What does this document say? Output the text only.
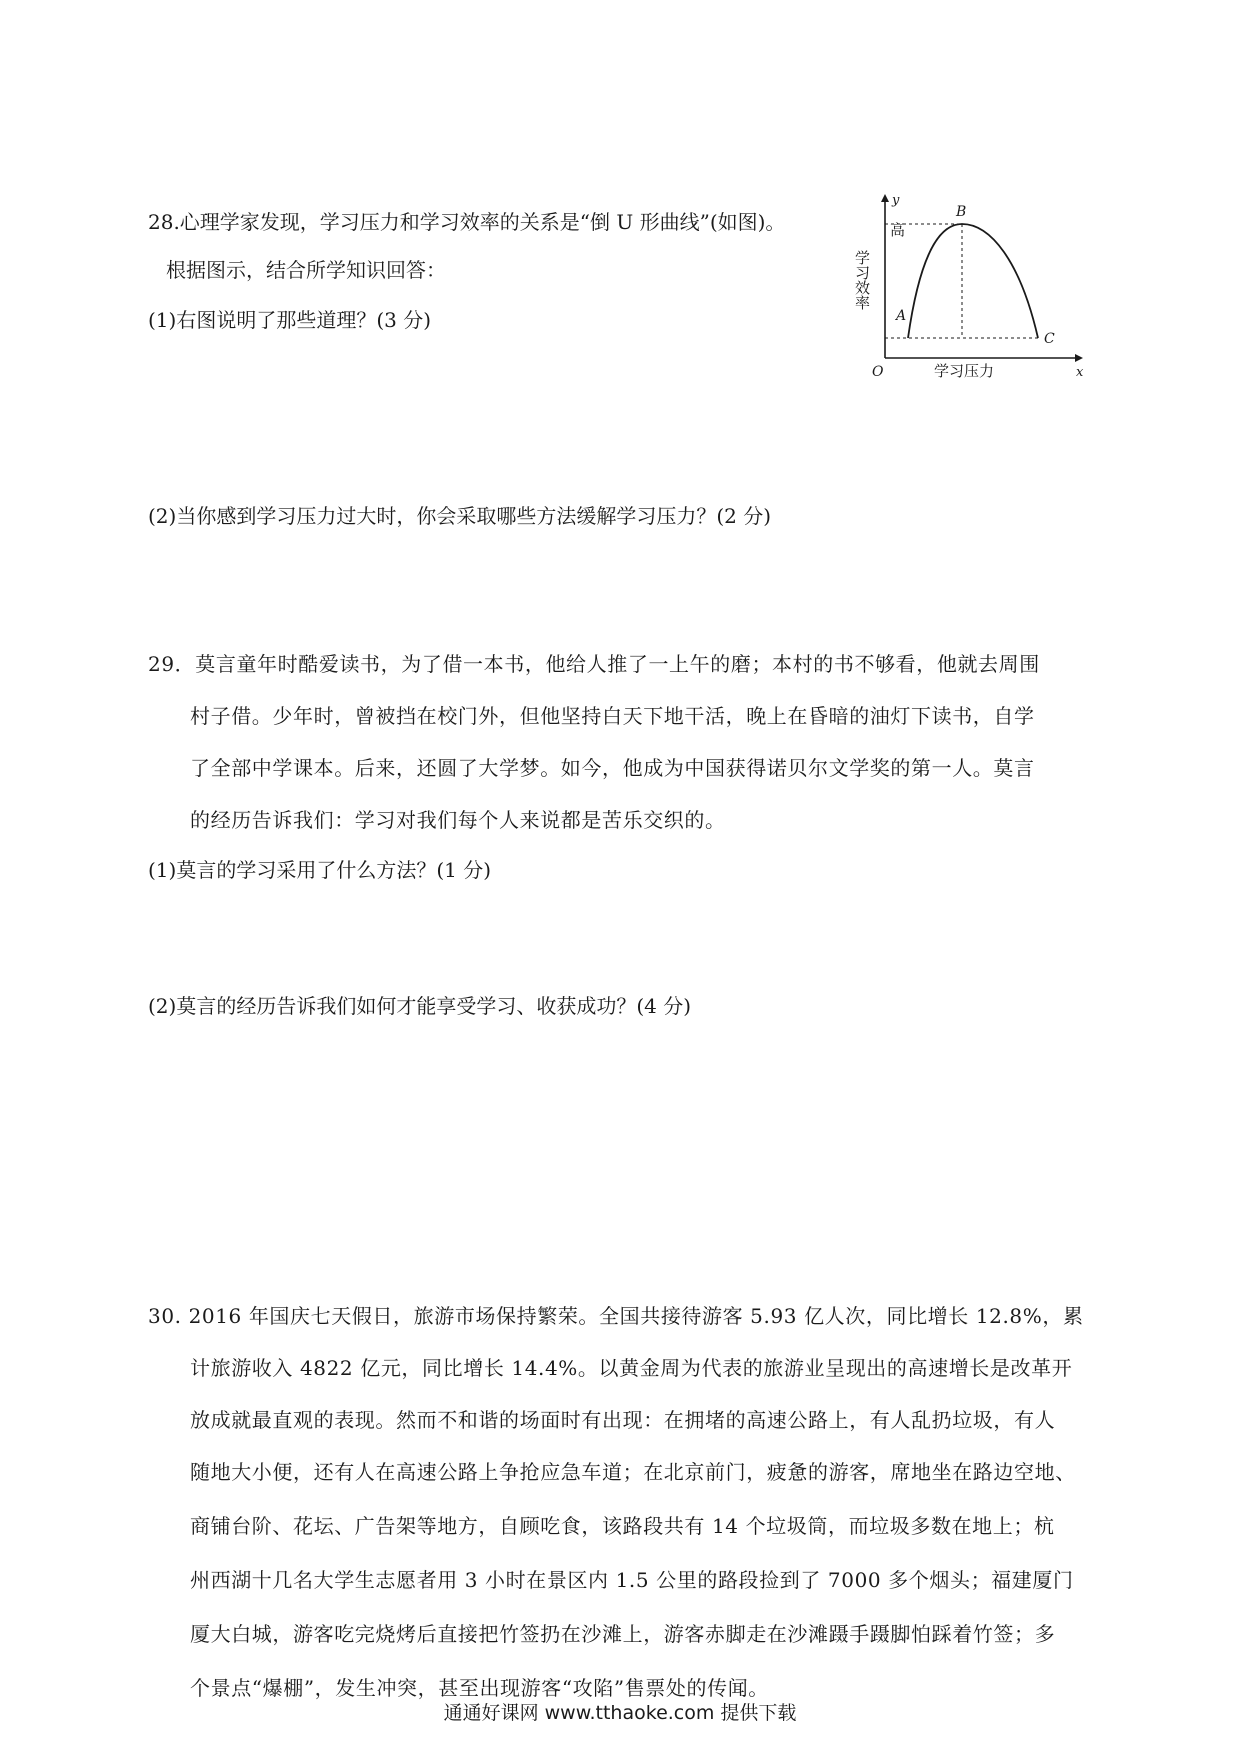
28.心理学家发现，学习压力和学习效率的关系是“倒 U 形曲线”(如图)。
根据图示，结合所学知识回答：
(1)右图说明了那些道理？(3 分)
(2)当你感到学习压力过大时，你会采取哪些方法缓解学习压力？(2 分)
y
x
O
高
B
A
C
学习压力
学习效率
29．莫言童年时酷爱读书，为了借一本书，他给人推了一上午的磨；本村的书不够看，他就去周围
村子借。少年时，曾被挡在校门外，但他坚持白天下地干活，晚上在昏暗的油灯下读书，自学
了全部中学课本。后来，还圆了大学梦。如今，他成为中国获得诺贝尔文学奖的第一人。莫言
的经历告诉我们：学习对我们每个人来说都是苦乐交织的。
(1)莫言的学习采用了什么方法？(1 分)
(2)莫言的经历告诉我们如何才能享受学习、收获成功？(4 分)
30. 2016 年国庆七天假日，旅游市场保持繁荣。全国共接待游客 5.93 亿人次，同比增长 12.8%，累
计旅游收入 4822 亿元，同比增长 14.4%。以黄金周为代表的旅游业呈现出的高速增长是改革开
放成就最直观的表现。然而不和谐的场面时有出现：在拥堵的高速公路上，有人乱扔垃圾，有人
随地大小便，还有人在高速公路上争抢应急车道；在北京前门，疲惫的游客，席地坐在路边空地、
商铺台阶、花坛、广告架等地方，自顾吃食，该路段共有 14 个垃圾筒，而垃圾多数在地上；杭
州西湖十几名大学生志愿者用 3 小时在景区内 1.5 公里的路段捡到了 7000 多个烟头；福建厦门
厦大白城，游客吃完烧烤后直接把竹签扔在沙滩上，游客赤脚走在沙滩蹑手蹑脚怕踩着竹签；多
个景点“爆棚”，发生冲突，甚至出现游客“攻陷”售票处的传闻。
通通好课网 www.tthaoke.com 提供下载
